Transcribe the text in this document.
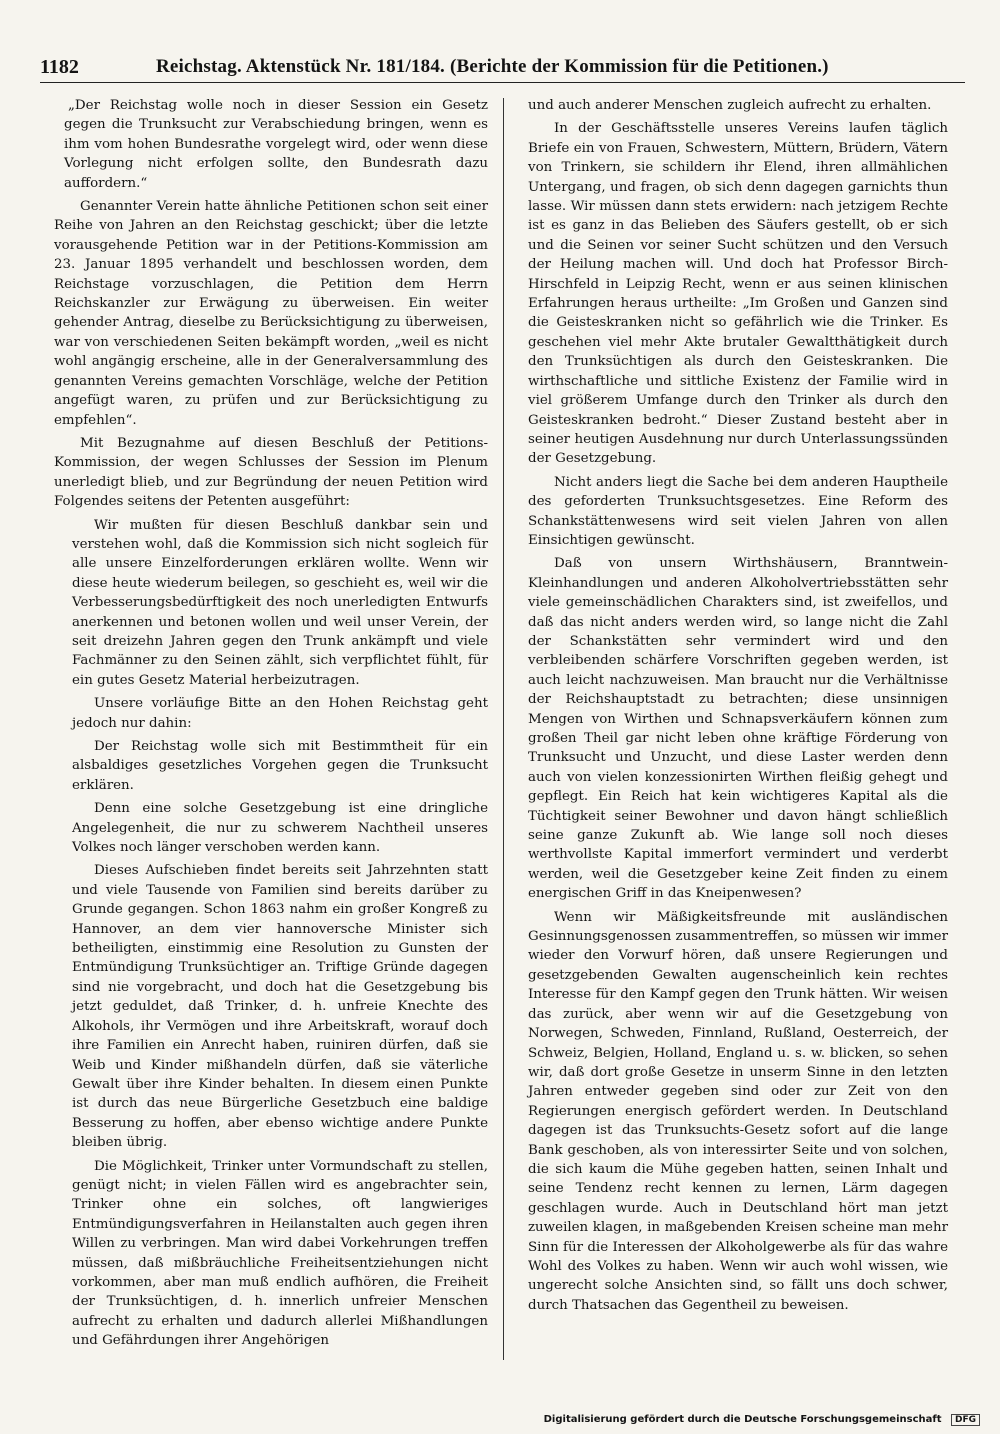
1182	Reichstag. Aktenstück Nr. 181/184. (Berichte der Kommission für die Petitionen.)

„Der Reichstag wolle noch in dieser Session ein Gesetz gegen die Trunksucht zur Verabschiedung bringen, wenn es ihm vom hohen Bundesrathe vorgelegt wird, oder wenn diese Vorlegung nicht erfolgen sollte, den Bundesrath dazu auffordern.“

Genannter Verein hatte ähnliche Petitionen schon seit einer Reihe von Jahren an den Reichstag geschickt; über die letzte vorausgehende Petition war in der Petitions-Kommission am 23. Januar 1895 verhandelt und beschlossen worden, dem Reichstage vorzuschlagen, die Petition dem Herrn Reichskanzler zur Erwägung zu überweisen. Ein weiter gehender Antrag, dieselbe zu Berücksichtigung zu überweisen, war von verschiedenen Seiten bekämpft worden, „weil es nicht wohl angängig erscheine, alle in der Generalversammlung des genannten Vereins gemachten Vorschläge, welche der Petition angefügt waren, zu prüfen und zur Berücksichtigung zu empfehlen“.

Mit Bezugnahme auf diesen Beschluß der Petitions-Kommission, der wegen Schlusses der Session im Plenum unerledigt blieb, und zur Begründung der neuen Petition wird Folgendes seitens der Petenten ausgeführt:

Wir mußten für diesen Beschluß dankbar sein und verstehen wohl, daß die Kommission sich nicht sogleich für alle unsere Einzelforderungen erklären wollte. Wenn wir diese heute wiederum beilegen, so geschieht es, weil wir die Verbesserungsbedürftigkeit des noch unerledigten Entwurfs anerkennen und betonen wollen und weil unser Verein, der seit dreizehn Jahren gegen den Trunk ankämpft und viele Fachmänner zu den Seinen zählt, sich verpflichtet fühlt, für ein gutes Gesetz Material herbeizutragen.

Unsere vorläufige Bitte an den Hohen Reichstag geht jedoch nur dahin:

Der Reichstag wolle sich mit Bestimmtheit für ein alsbaldiges gesetzliches Vorgehen gegen die Trunksucht erklären.

Denn eine solche Gesetzgebung ist eine dringliche Angelegenheit, die nur zu schwerem Nachtheil unseres Volkes noch länger verschoben werden kann.

Dieses Aufschieben findet bereits seit Jahrzehnten statt und viele Tausende von Familien sind bereits darüber zu Grunde gegangen. Schon 1863 nahm ein großer Kongreß zu Hannover, an dem vier hannoversche Minister sich betheiligten, einstimmig eine Resolution zu Gunsten der Entmündigung Trunksüchtiger an. Triftige Gründe dagegen sind nie vorgebracht, und doch hat die Gesetzgebung bis jetzt geduldet, daß Trinker, d. h. unfreie Knechte des Alkohols, ihr Vermögen und ihre Arbeitskraft, worauf doch ihre Familien ein Anrecht haben, ruiniren dürfen, daß sie Weib und Kinder mißhandeln dürfen, daß sie väterliche Gewalt über ihre Kinder behalten. In diesem einen Punkte ist durch das neue Bürgerliche Gesetzbuch eine baldige Besserung zu hoffen, aber ebenso wichtige andere Punkte bleiben übrig.

Die Möglichkeit, Trinker unter Vormundschaft zu stellen, genügt nicht; in vielen Fällen wird es angebrachter sein, Trinker ohne ein solches, oft langwieriges Entmündigungsverfahren in Heilanstalten auch gegen ihren Willen zu verbringen. Man wird dabei Vorkehrungen treffen müssen, daß mißbräuchliche Freiheitsentziehungen nicht vorkommen, aber man muß endlich aufhören, die Freiheit der Trunksüchtigen, d. h. innerlich unfreier Menschen aufrecht zu erhalten und dadurch allerlei Mißhandlungen und Gefährdungen ihrer Angehörigen

und auch anderer Menschen zugleich aufrecht zu erhalten.

In der Geschäftsstelle unseres Vereins laufen täglich Briefe ein von Frauen, Schwestern, Müttern, Brüdern, Vätern von Trinkern, sie schildern ihr Elend, ihren allmählichen Untergang, und fragen, ob sich denn dagegen garnichts thun lasse. Wir müssen dann stets erwidern: nach jetzigem Rechte ist es ganz in das Belieben des Säufers gestellt, ob er sich und die Seinen vor seiner Sucht schützen und den Versuch der Heilung machen will. Und doch hat Professor Birch-Hirschfeld in Leipzig Recht, wenn er aus seinen klinischen Erfahrungen heraus urtheilte: „Im Großen und Ganzen sind die Geisteskranken nicht so gefährlich wie die Trinker. Es geschehen viel mehr Akte brutaler Gewaltthätigkeit durch den Trunksüchtigen als durch den Geisteskranken. Die wirthschaftliche und sittliche Existenz der Familie wird in viel größerem Umfange durch den Trinker als durch den Geisteskranken bedroht.“ Dieser Zustand besteht aber in seiner heutigen Ausdehnung nur durch Unterlassungssünden der Gesetzgebung.

Nicht anders liegt die Sache bei dem anderen Hauptheile des geforderten Trunksuchtsgesetzes. Eine Reform des Schankstättenwesens wird seit vielen Jahren von allen Einsichtigen gewünscht.

Daß von unsern Wirthshäusern, Branntwein-Kleinhandlungen und anderen Alkoholvertriebsstätten sehr viele gemeinschädlichen Charakters sind, ist zweifellos, und daß das nicht anders werden wird, so lange nicht die Zahl der Schankstätten sehr vermindert wird und den verbleibenden schärfere Vorschriften gegeben werden, ist auch leicht nachzuweisen. Man braucht nur die Verhältnisse der Reichshauptstadt zu betrachten; diese unsinnigen Mengen von Wirthen und Schnapsverkäufern können zum großen Theil gar nicht leben ohne kräftige Förderung von Trunksucht und Unzucht, und diese Laster werden denn auch von vielen konzessionirten Wirthen fleißig gehegt und gepflegt. Ein Reich hat kein wichtigeres Kapital als die Tüchtigkeit seiner Bewohner und davon hängt schließlich seine ganze Zukunft ab. Wie lange soll noch dieses werthvollste Kapital immerfort vermindert und verderbt werden, weil die Gesetzgeber keine Zeit finden zu einem energischen Griff in das Kneipenwesen?

Wenn wir Mäßigkeitsfreunde mit ausländischen Gesinnungsgenossen zusammentreffen, so müssen wir immer wieder den Vorwurf hören, daß unsere Regierungen und gesetzgebenden Gewalten augenscheinlich kein rechtes Interesse für den Kampf gegen den Trunk hätten. Wir weisen das zurück, aber wenn wir auf die Gesetzgebung von Norwegen, Schweden, Finnland, Rußland, Oesterreich, der Schweiz, Belgien, Holland, England u. s. w. blicken, so sehen wir, daß dort große Gesetze in unserm Sinne in den letzten Jahren entweder gegeben sind oder zur Zeit von den Regierungen energisch gefördert werden. In Deutschland dagegen ist das Trunksuchts-Gesetz sofort auf die lange Bank geschoben, als von interessirter Seite und von solchen, die sich kaum die Mühe gegeben hatten, seinen Inhalt und seine Tendenz recht kennen zu lernen, Lärm dagegen geschlagen wurde. Auch in Deutschland hört man jetzt zuweilen klagen, in maßgebenden Kreisen scheine man mehr Sinn für die Interessen der Alkoholgewerbe als für das wahre Wohl des Volkes zu haben. Wenn wir auch wohl wissen, wie ungerecht solche Ansichten sind, so fällt uns doch schwer, durch Thatsachen das Gegentheil zu beweisen.

Digitalisierung gefördert durch die Deutsche Forschungsgemeinschaft DFG
